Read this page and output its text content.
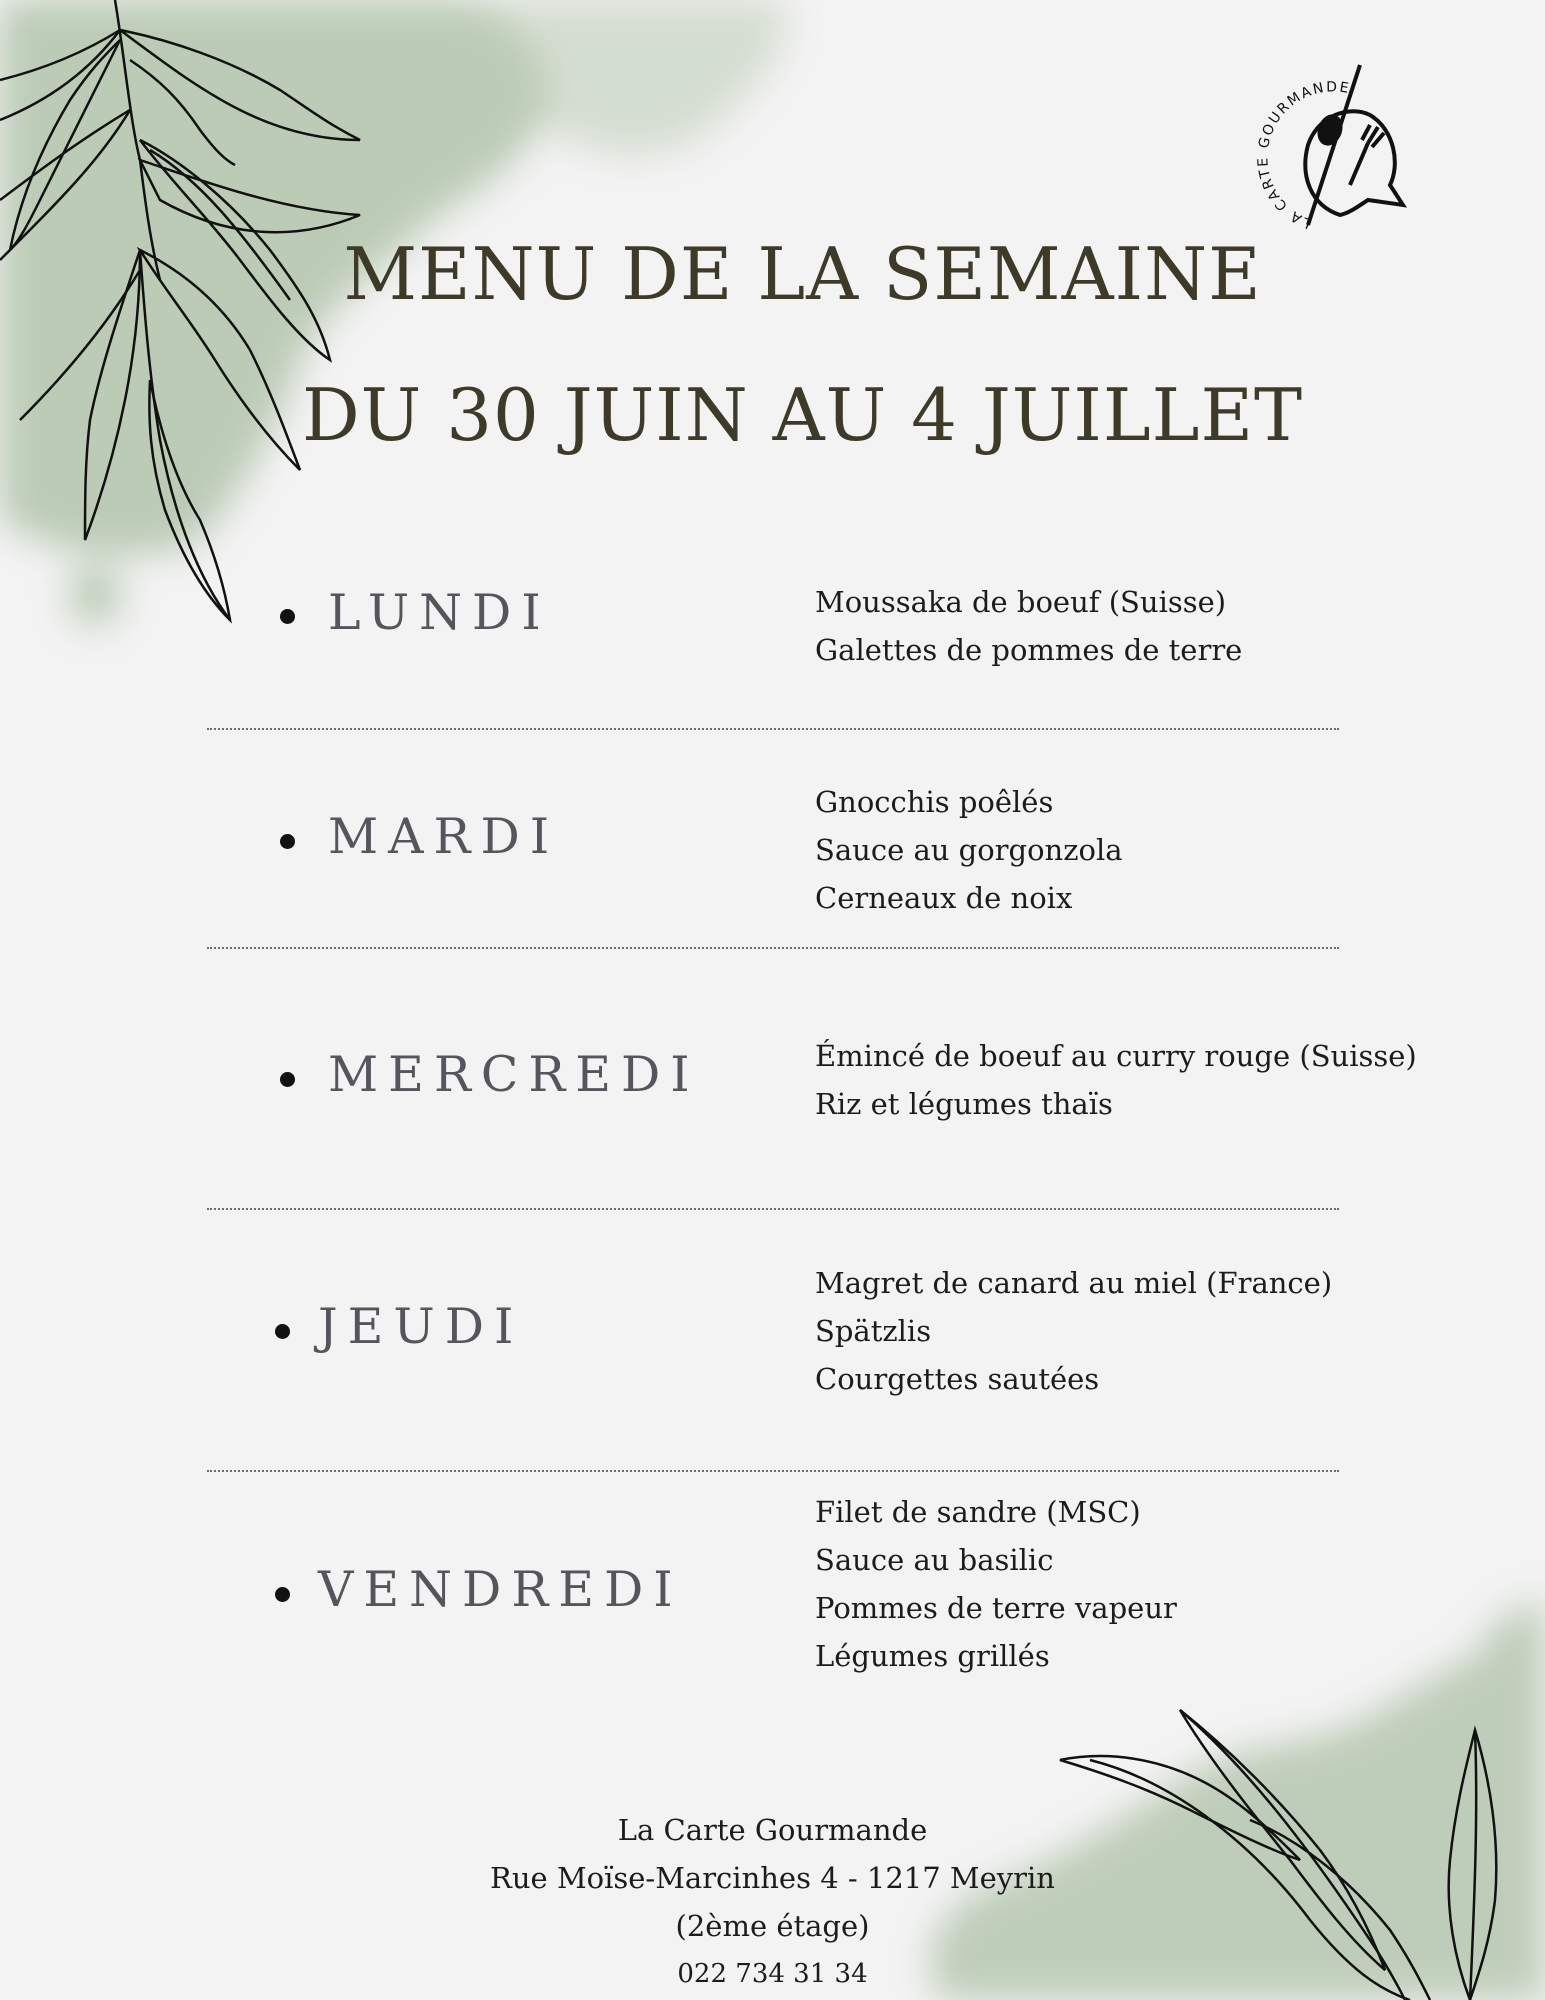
LA CARTE GOURMANDE
MENU DE LA SEMAINE
DU 30 JUIN AU 4 JUILLET
LUNDI	Moussaka de boeuf (Suisse)
Galettes de pommes de terre
MARDI
Gnocchis poêlés
Sauce au gorgonzola
Cerneaux de noix
MERCREDI	Émincé de boeuf au curry rouge (Suisse)
Riz et légumes thaïs
JEUDI
Magret de canard au miel (France)
Spätzlis
Courgettes sautées
VENDREDI
Filet de sandre (MSC)
Sauce au basilic
Pommes de terre vapeur
Légumes grillés
La Carte Gourmande
Rue Moïse-Marcinhes 4 - 1217 Meyrin
(2ème étage)
022 734 31 34
